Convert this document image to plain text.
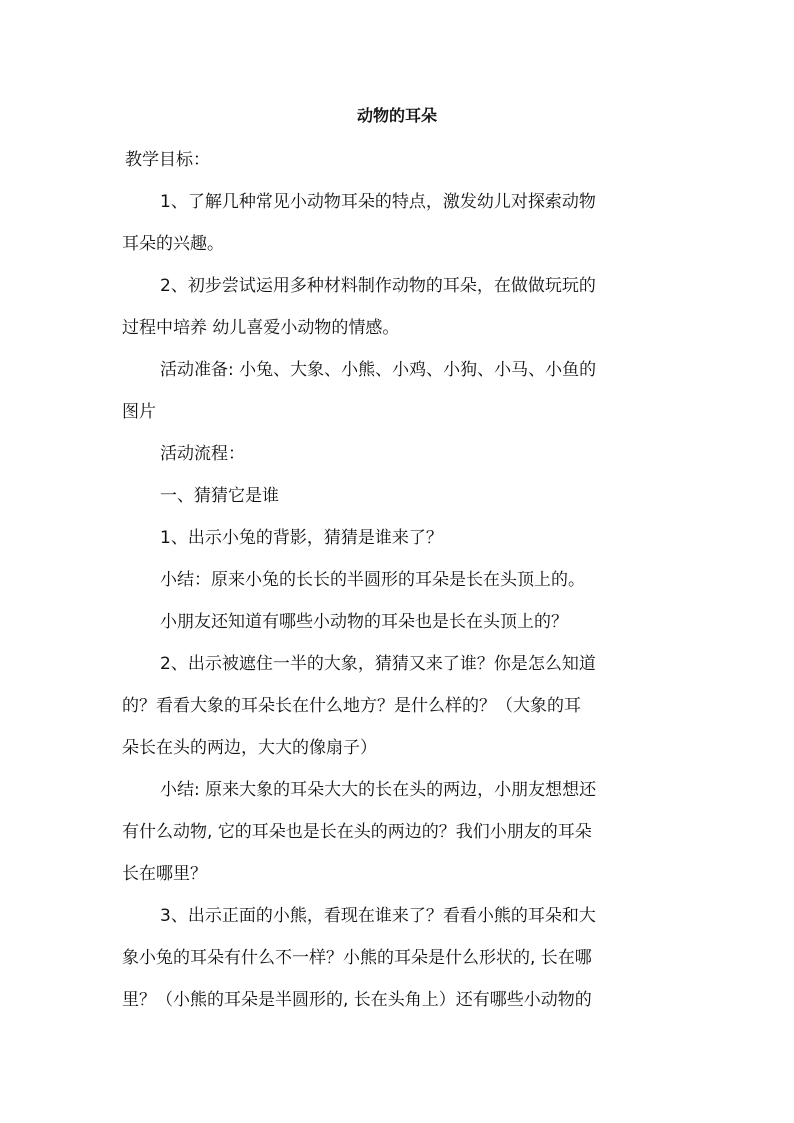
动物的耳朵
教学目标：
1、了解几种常见小动物耳朵的特点，激发幼儿对探索动物
耳朵的兴趣。
2、初步尝试运用多种材料制作动物的耳朵，在做做玩玩的
过程中培养 幼儿喜爱小动物的情感。
活动准备: 小兔、大象、小熊、小鸡、小狗、小马、小鱼的
图片
活动流程：
一、猜猜它是谁
1、出示小兔的背影，猜猜是谁来了？
小结：原来小兔的长长的半圆形的耳朵是长在头顶上的。
小朋友还知道有哪些小动物的耳朵也是长在头顶上的？
2、出示被遮住一半的大象，猜猜又来了谁？你是怎么知道
的？看看大象的耳朵长在什么地方？是什么样的？（大象的耳
朵长在头的两边，大大的像扇子）
小结: 原来大象的耳朵大大的长在头的两边，小朋友想想还
有什么动物, 它的耳朵也是长在头的两边的？我们小朋友的耳朵
长在哪里？
3、出示正面的小熊，看现在谁来了？看看小熊的耳朵和大
象小兔的耳朵有什么不一样？小熊的耳朵是什么形状的, 长在哪
里？（小熊的耳朵是半圆形的, 长在头角上）还有哪些小动物的
